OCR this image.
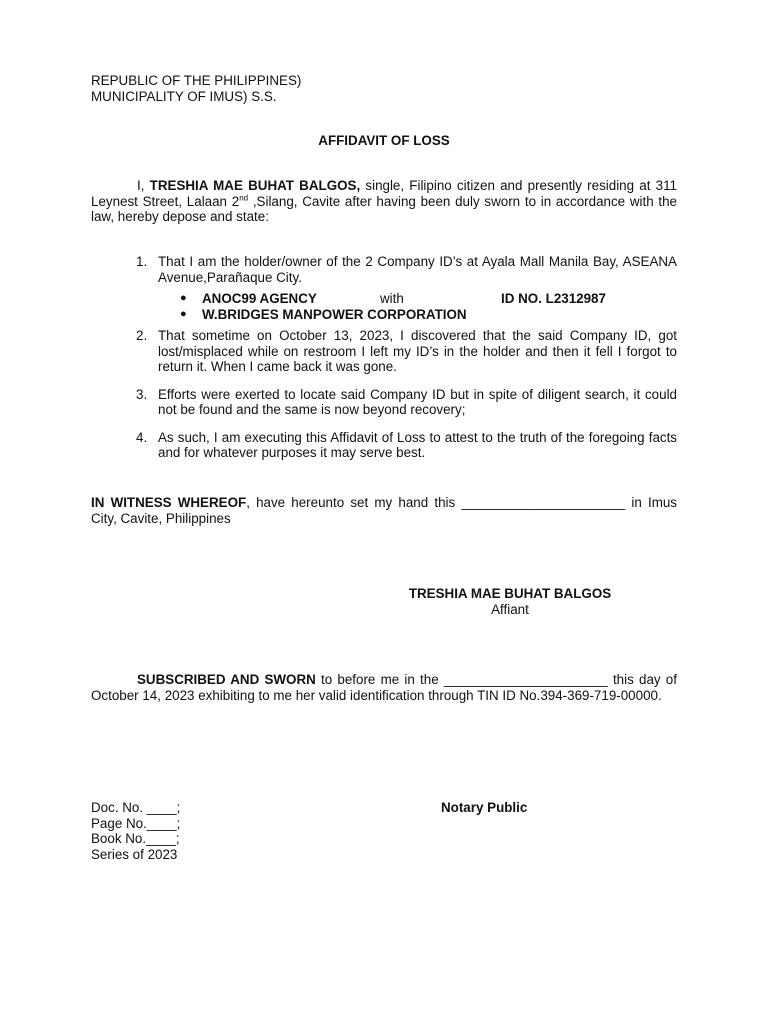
REPUBLIC OF THE PHILIPPINES)
MUNICIPALITY OF IMUS) S.S.
AFFIDAVIT OF LOSS
I, TRESHIA MAE BUHAT BALGOS, single, Filipino citizen and presently residing at 311 Leynest Street, Lalaan 2nd ,Silang, Cavite after having been duly sworn to in accordance with the law, hereby depose and state:
1. That I am the holder/owner of the 2 Company ID’s at Ayala Mall Manila Bay, ASEANA Avenue,Parañaque City.
● ANOC99 AGENCY	with	ID NO. L2312987
● W.BRIDGES MANPOWER CORPORATION
2. That sometime on October 13, 2023, I discovered that the said Company ID, got lost/misplaced while on restroom I left my ID’s in the holder and then it fell I forgot to return it. When I came back it was gone.
3. Efforts were exerted to locate said Company ID but in spite of diligent search, it could not be found and the same is now beyond recovery;
4. As such, I am executing this Affidavit of Loss to attest to the truth of the foregoing facts and for whatever purposes it may serve best.
IN WITNESS WHEREOF, have hereunto set my hand this ______________________ in Imus City, Cavite, Philippines
TRESHIA MAE BUHAT BALGOS
Affiant
SUBSCRIBED AND SWORN to before me in the ______________________ this day of October 14, 2023 exhibiting to me her valid identification through TIN ID No.394-369-719-00000.
Doc. No. ____;
Page No.____;
Book No.____;
Series of 2023
Notary Public
